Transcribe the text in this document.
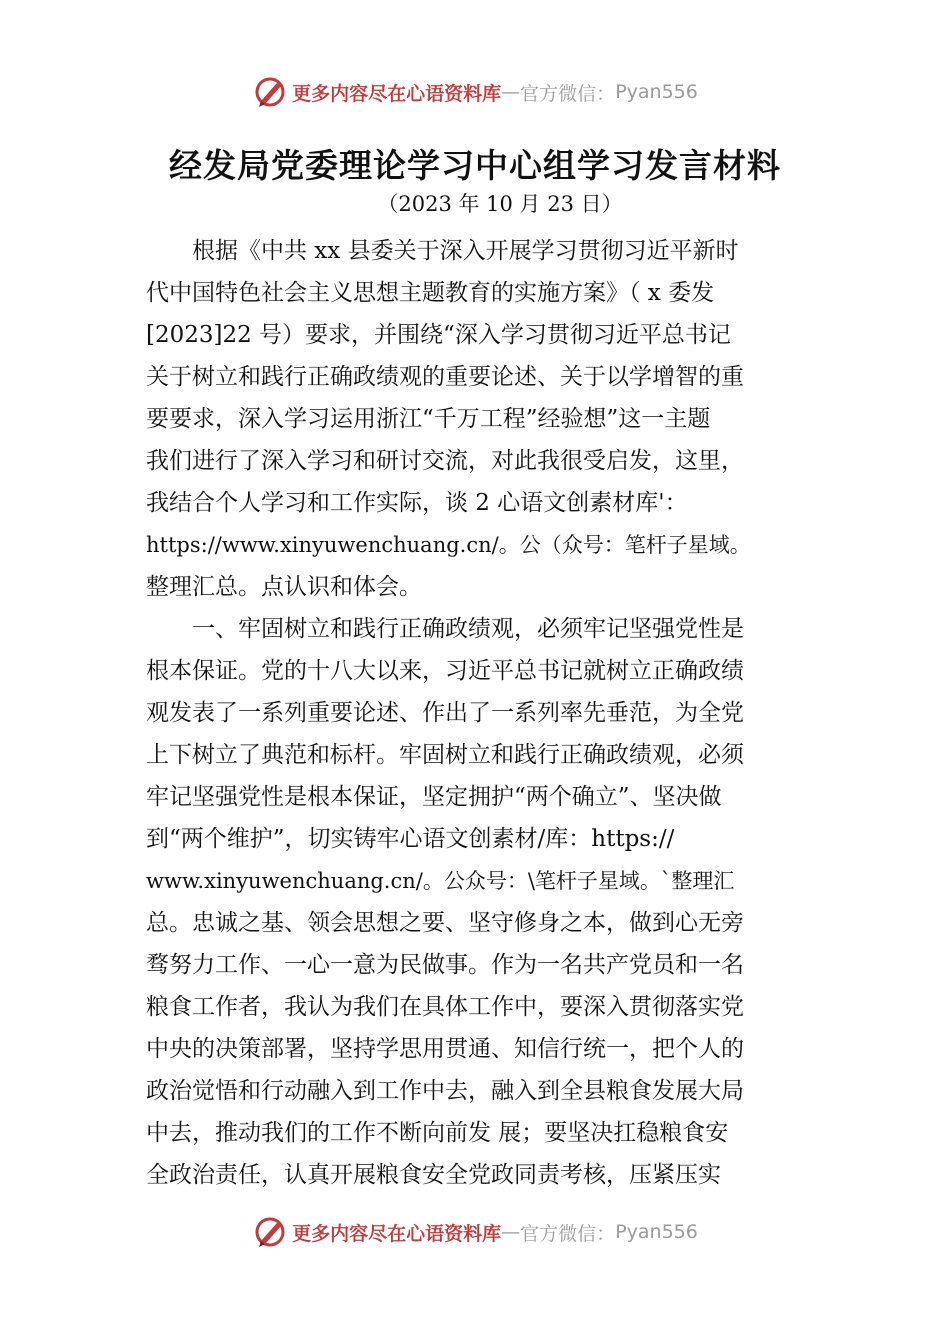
更多内容尽在心语资料库 — 官方微信： Pyan556
经发局党委理论学习中心组学习发言材料
（2023 年 10 月 23 日）
根据《中共 xx 县委关于深入开展学习贯彻习近平新时
代中国特色社会主义思想主题教育的实施方案》（ x 委发
[2023]22 号）要求，并围绕“深入学习贯彻习近平总书记
关于树立和践行正确政绩观的重要论述、关于以学增智的重
要要求，深入学习运用浙江“千万工程”经验想”这一主题
我们进行了深入学习和研讨交流，对此我很受启发，这里，
我结合个人学习和工作实际，谈 2 心语文创素材库'：
https://www.xinyuwenchuang.cn/。公（众号：笔杆子星域。
整理汇总。点认识和体会。
一、牢固树立和践行正确政绩观，必须牢记坚强党性是
根本保证。党的十八大以来，习近平总书记就树立正确政绩
观发表了一系列重要论述、作出了一系列率先垂范，为全党
上下树立了典范和标杆。牢固树立和践行正确政绩观，必须
牢记坚强党性是根本保证，坚定拥护“两个确立”、坚决做
到“两个维护”，切实铸牢心语文创素材/库：https://
www.xinyuwenchuang.cn/。公众号：\笔杆子星域。`整理汇
总。忠诚之基、领会思想之要、坚守修身之本，做到心无旁
骛努力工作、一心一意为民做事。作为一名共产党员和一名
粮食工作者，我认为我们在具体工作中，要深入贯彻落实党
中央的决策部署，坚持学思用贯通、知信行统一，把个人的
政治觉悟和行动融入到工作中去，融入到全县粮食发展大局
中去，推动我们的工作不断向前发 展；要坚决扛稳粮食安
全政治责任，认真开展粮食安全党政同责考核，压紧压实
更多内容尽在心语资料库 — 官方微信： Pyan556
